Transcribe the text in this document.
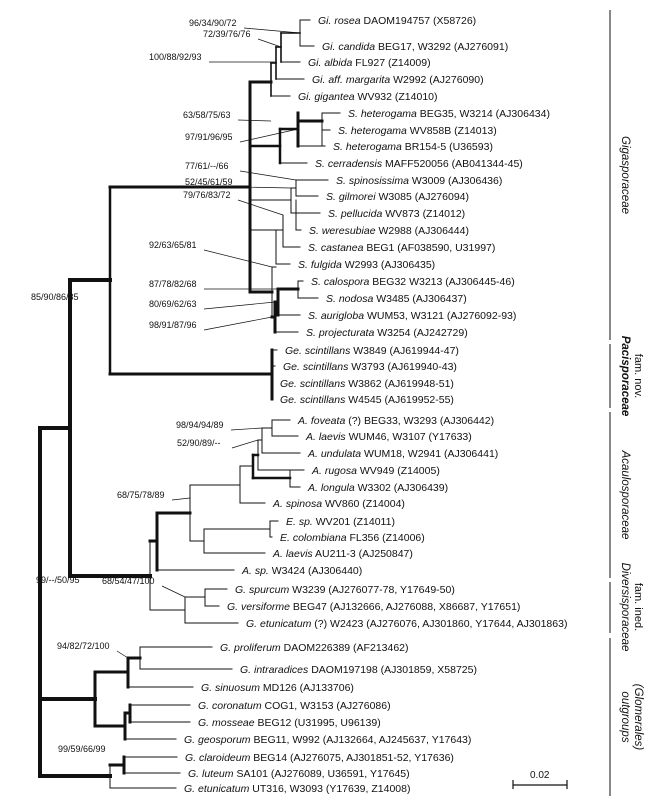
Gi. rosea DAOM194757 (X58726)
Gi. candida BEG17, W3292 (AJ276091)
Gi. albida FL927 (Z14009)
Gi. aff. margarita W2992 (AJ276090)
Gi. gigantea WV932 (Z14010)
S. heterogama BEG35, W3214 (AJ306434)
S. heterogama WV858B (Z14013)
S. heterogama BR154-5 (U36593)
S. cerradensis MAFF520056 (AB041344-45)
S. spinosissima W3009 (AJ306436)
S. gilmorei W3085 (AJ276094)
S. pellucida WV873 (Z14012)
S. weresubiae W2988 (AJ306444)
S. castanea BEG1 (AF038590, U31997)
S. fulgida W2993 (AJ306435)
S. calospora BEG32 W3213 (AJ306445-46)
S. nodosa W3485 (AJ306437)
S. aurigloba WUM53, W3121 (AJ276092-93)
S. projecturata W3254 (AJ242729)
Ge. scintillans W3849 (AJ619944-47)
Ge. scintillans W3793 (AJ619940-43)
Ge. scintillans W3862 (AJ619948-51)
Ge. scintillans W4545 (AJ619952-55)
A. foveata (?) BEG33, W3293 (AJ306442)
A. laevis WUM46, W3107 (Y17633)
A. undulata WUM18, W2941 (AJ306441)
A. rugosa WV949 (Z14005)
A. longula W3302 (AJ306439)
A. spinosa WV860 (Z14004)
E. sp. WV201 (Z14011)
E. colombiana FL356 (Z14006)
A. laevis AU211-3 (AJ250847)
A. sp. W3424 (AJ306440)
G. spurcum W3239 (AJ276077-78, Y17649-50)
G. versiforme BEG47 (AJ132666, AJ276088, X86687, Y17651)
G. etunicatum (?) W2423 (AJ276076, AJ301860, Y17644, AJ301863)
G. proliferum DAOM226389 (AF213462)
G. intraradices DAOM197198 (AJ301859, X58725)
G. sinuosum MD126 (AJ133706)
G. coronatum COG1, W3153 (AJ276086)
G. mosseae BEG12 (U31995, U96139)
G. geosporum BEG11, W992 (AJ132664, AJ245637, Y17643)
G. claroideum BEG14 (AJ276075, AJ301851-52, Y17636)
G. luteum SA101 (AJ276089, U36591, Y17645)
G. etunicatum UT316, W3093 (Y17639, Z14008)
96/34/90/72
72/39/76/76
100/88/92/93
63/58/75/63
97/91/96/95
77/61/--/66
52/45/61/59
79/76/83/72
92/63/65/81
87/78/82/68
80/69/62/63
98/91/87/96
85/90/86/85
98/94/94/89
52/90/89/--
68/75/78/89
68/54/47/100
99/--/50/95
94/82/72/100
99/59/66/99
Gigasporaceae
Pacisporaceae fam. nov.
Acaulosporaceae
Diversisporaceae fam. ined.
outgroups (Glomerales)
0.02
